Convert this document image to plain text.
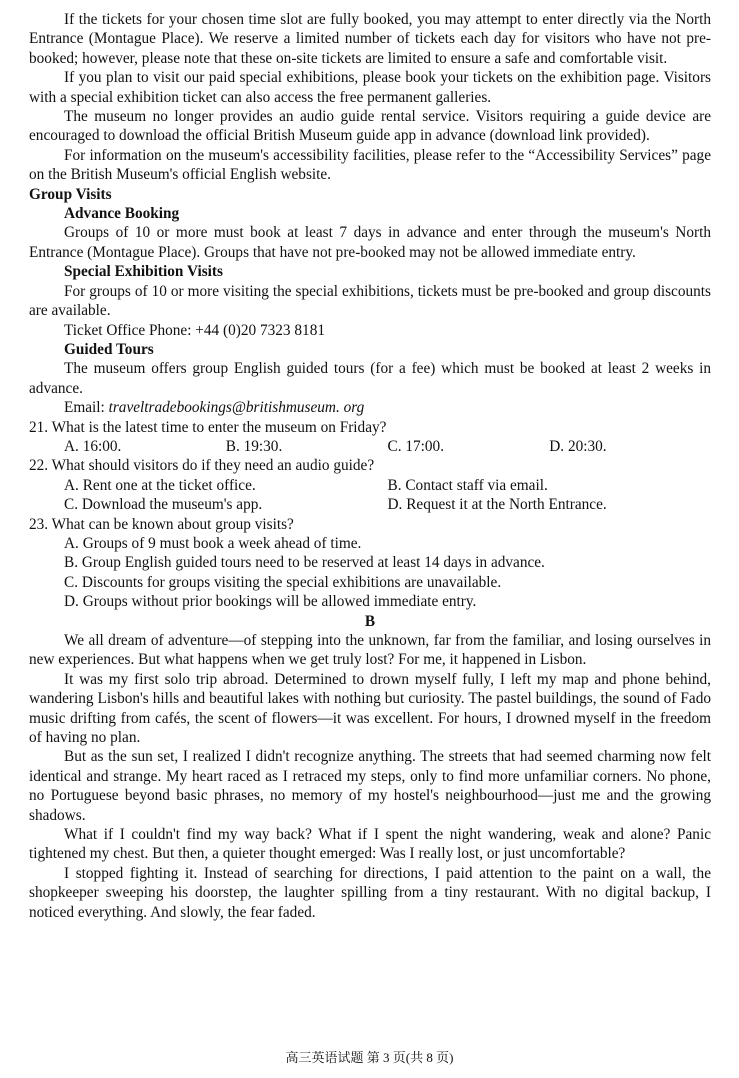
If the tickets for your chosen time slot are fully booked, you may attempt to enter directly via the North Entrance (Montague Place). We reserve a limited number of tickets each day for visitors who have not pre-booked; however, please note that these on-site tickets are limited to ensure a safe and comfortable visit.

If you plan to visit our paid special exhibitions, please book your tickets on the exhibition page. Visitors with a special exhibition ticket can also access the free permanent galleries.

The museum no longer provides an audio guide rental service. Visitors requiring a guide device are encouraged to download the official British Museum guide app in advance (download link provided).

For information on the museum's accessibility facilities, please refer to the “Accessibility Services” page on the British Museum's official English website.

Group Visits

Advance Booking

Groups of 10 or more must book at least 7 days in advance and enter through the museum's North Entrance (Montague Place). Groups that have not pre-booked may not be allowed immediate entry.

Special Exhibition Visits

For groups of 10 or more visiting the special exhibitions, tickets must be pre-booked and group discounts are available.

Ticket Office Phone: +44 (0)20 7323 8181

Guided Tours

The museum offers group English guided tours (for a fee) which must be booked at least 2 weeks in advance.

Email: traveltradebookings@britishmuseum. org

21. What is the latest time to enter the museum on Friday?

A. 16:00.	B. 19:30.	C. 17:00.	D. 20:30.

22. What should visitors do if they need an audio guide?

A. Rent one at the ticket office.	B. Contact staff via email.
C. Download the museum's app.	D. Request it at the North Entrance.

23. What can be known about group visits?

A. Groups of 9 must book a week ahead of time.

B. Group English guided tours need to be reserved at least 14 days in advance.

C. Discounts for groups visiting the special exhibitions are unavailable.

D. Groups without prior bookings will be allowed immediate entry.

B

We all dream of adventure—of stepping into the unknown, far from the familiar, and losing ourselves in new experiences. But what happens when we get truly lost? For me, it happened in Lisbon.

It was my first solo trip abroad. Determined to drown myself fully, I left my map and phone behind, wandering Lisbon's hills and beautiful lakes with nothing but curiosity. The pastel buildings, the sound of Fado music drifting from cafés, the scent of flowers—it was excellent. For hours, I drowned myself in the freedom of having no plan.

But as the sun set, I realized I didn't recognize anything. The streets that had seemed charming now felt identical and strange. My heart raced as I retraced my steps, only to find more unfamiliar corners. No phone, no Portuguese beyond basic phrases, no memory of my hostel's neighbourhood—just me and the growing shadows.

What if I couldn't find my way back? What if I spent the night wandering, weak and alone? Panic tightened my chest. But then, a quieter thought emerged: Was I really lost, or just uncomfortable?

I stopped fighting it. Instead of searching for directions, I paid attention to the paint on a wall, the shopkeeper sweeping his doorstep, the laughter spilling from a tiny restaurant. With no digital backup, I noticed everything. And slowly, the fear faded.

高三英语试题 第 3 页(共 8 页)
